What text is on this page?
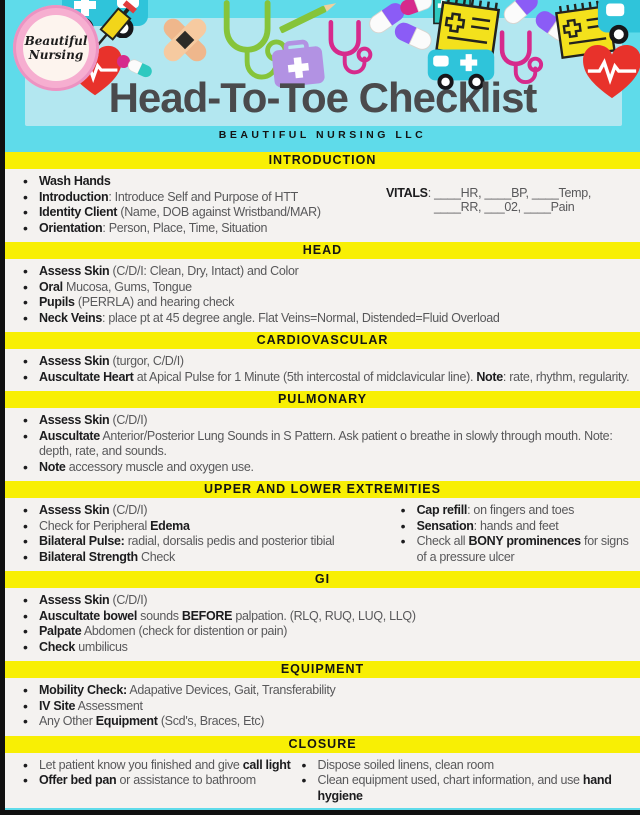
Beautiful
Nursing
Head-To-Toe Checklist
BEAUTIFUL NURSING LLC
INTRODUCTION
• Wash Hands
• Introduction: Introduce Self and Purpose of HTT
• Identity Client (Name, DOB against Wristband/MAR)
• Orientation: Person, Place, Time, Situation
VITALS: ____HR, ____BP, ____Temp,
____RR, ___02, ____Pain
HEAD
• Assess Skin (C/D/I: Clean, Dry, Intact) and Color
• Oral Mucosa, Gums, Tongue
• Pupils (PERRLA) and hearing check
• Neck Veins: place pt at 45 degree angle. Flat Veins=Normal, Distended=Fluid Overload
CARDIOVASCULAR
• Assess Skin (turgor, C/D/I)
• Auscultate Heart at Apical Pulse for 1 Minute (5th intercostal of midclavicular line). Note: rate, rhythm, regularity.
PULMONARY
• Assess Skin (C/D/I)
• Auscultate Anterior/Posterior Lung Sounds in S Pattern. Ask patient o breathe in slowly through mouth. Note: depth, rate, and sounds.
• Note accessory muscle and oxygen use.
UPPER AND LOWER EXTREMITIES
• Assess Skin (C/D/I)
• Check for Peripheral Edema
• Bilateral Pulse: radial, dorsalis pedis and posterior tibial
• Bilateral Strength Check
• Cap refill: on fingers and toes
• Sensation: hands and feet
• Check all BONY prominences for signs of a pressure ulcer
GI
• Assess Skin (C/D/I)
• Auscultate bowel sounds BEFORE palpation. (RLQ, RUQ, LUQ, LLQ)
• Palpate Abdomen (check for distention or pain)
• Check umbilicus
EQUIPMENT
• Mobility Check: Adapative Devices, Gait, Transferability
• IV Site Assessment
• Any Other Equipment (Scd's, Braces, Etc)
CLOSURE
• Let patient know you finished and give call light
• Offer bed pan or assistance to bathroom
• Dispose soiled linens, clean room
• Clean equipment used, chart information, and use hand hygiene
